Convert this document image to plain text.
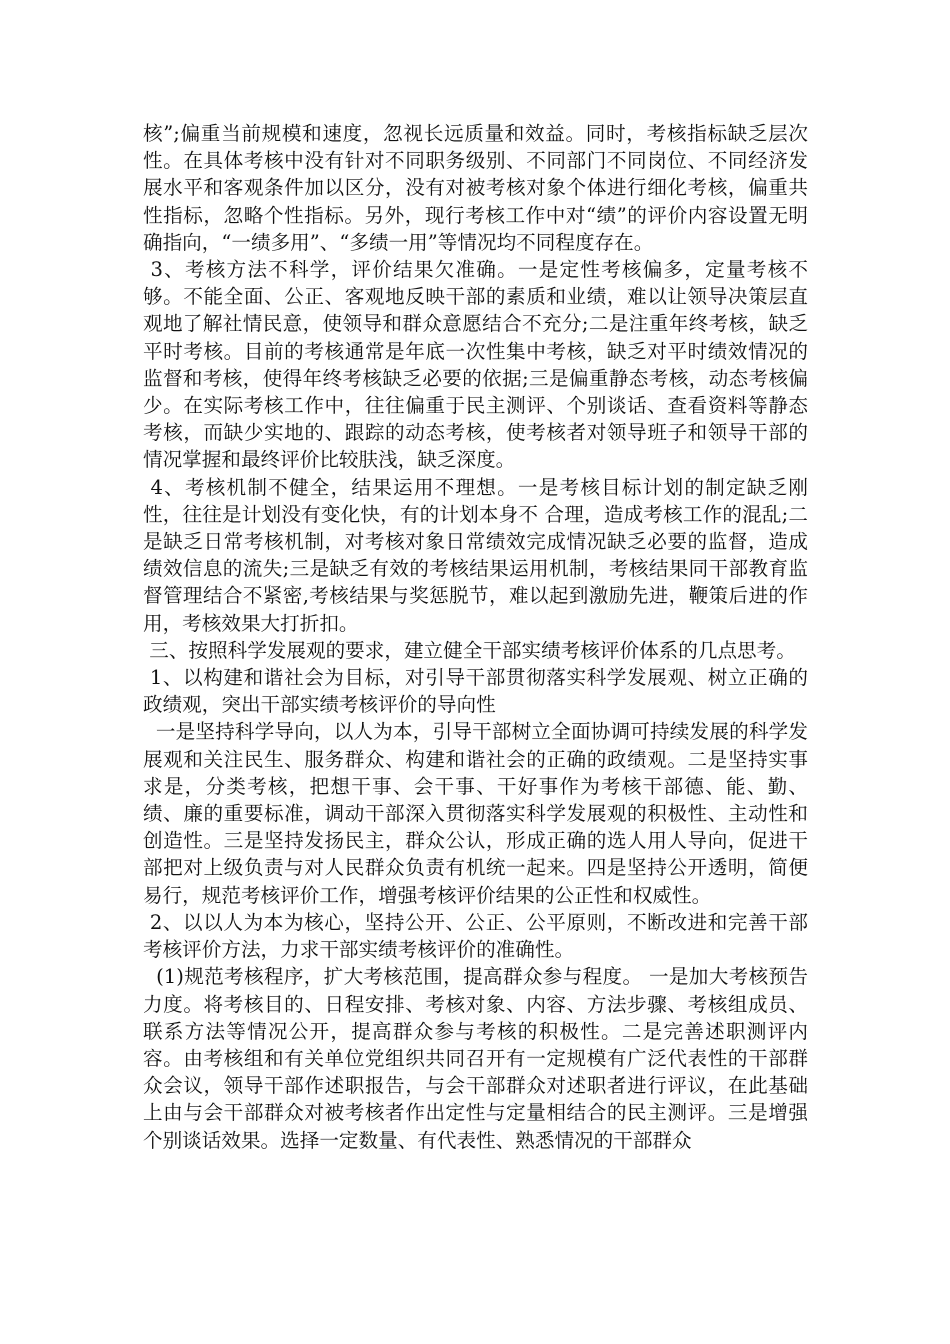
核”;偏重当前规模和速度，忽视长远质量和效益。同时，考核指标缺乏层次性。在具体考核中没有针对不同职务级别、不同部门不同岗位、不同经济发展水平和客观条件加以区分，没有对被考核对象个体进行细化考核，偏重共性指标，忽略个性指标。另外，现行考核工作中对“绩”的评价内容设置无明确指向，“一绩多用”、“多绩一用”等情况均不同程度存在。

3、考核方法不科学，评价结果欠准确。一是定性考核偏多，定量考核不够。不能全面、公正、客观地反映干部的素质和业绩，难以让领导决策层直观地了解社情民意，使领导和群众意愿结合不充分;二是注重年终考核，缺乏平时考核。目前的考核通常是年底一次性集中考核，缺乏对平时绩效情况的监督和考核，使得年终考核缺乏必要的依据;三是偏重静态考核，动态考核偏少。在实际考核工作中，往往偏重于民主测评、个别谈话、查看资料等静态考核，而缺少实地的、跟踪的动态考核，使考核者对领导班子和领导干部的情况掌握和最终评价比较肤浅，缺乏深度。

4、考核机制不健全，结果运用不理想。一是考核目标计划的制定缺乏刚性，往往是计划没有变化快，有的计划本身不 合理，造成考核工作的混乱;二是缺乏日常考核机制，对考核对象日常绩效完成情况缺乏必要的监督，造成绩效信息的流失;三是缺乏有效的考核结果运用机制，考核结果同干部教育监督管理结合不紧密,考核结果与奖惩脱节，难以起到激励先进，鞭策后进的作用，考核效果大打折扣。

三、按照科学发展观的要求，建立健全干部实绩考核评价体系的几点思考。

1、以构建和谐社会为目标，对引导干部贯彻落实科学发展观、树立正确的政绩观，突出干部实绩考核评价的导向性

一是坚持科学导向，以人为本，引导干部树立全面协调可持续发展的科学发展观和关注民生、服务群众、构建和谐社会的正确的政绩观。二是坚持实事求是，分类考核，把想干事、会干事、干好事作为考核干部德、能、勤、绩、廉的重要标准，调动干部深入贯彻落实科学发展观的积极性、主动性和创造性。三是坚持发扬民主，群众公认，形成正确的选人用人导向，促进干部把对上级负责与对人民群众负责有机统一起来。四是坚持公开透明，简便易行，规范考核评价工作，增强考核评价结果的公正性和权威性。

2、以以人为本为核心，坚持公开、公正、公平原则，不断改进和完善干部考核评价方法，力求干部实绩考核评价的准确性。

(1)规范考核程序，扩大考核范围，提高群众参与程度。 一是加大考核预告力度。将考核目的、日程安排、考核对象、内容、方法步骤、考核组成员、联系方法等情况公开，提高群众参与考核的积极性。二是完善述职测评内容。由考核组和有关单位党组织共同召开有一定规模有广泛代表性的干部群众会议，领导干部作述职报告，与会干部群众对述职者进行评议，在此基础上由与会干部群众对被考核者作出定性与定量相结合的民主测评。三是增强个别谈话效果。选择一定数量、有代表性、熟悉情况的干部群众
